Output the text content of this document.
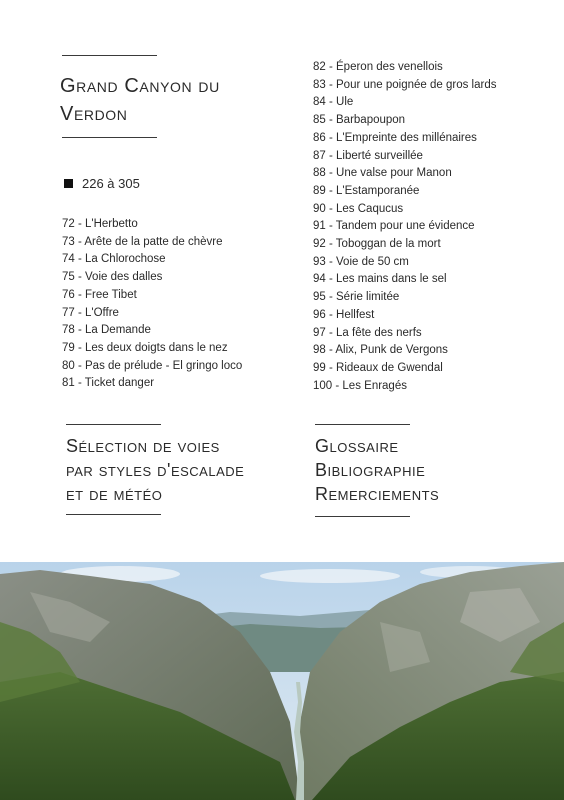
Grand Canyon du
Verdon
226 à 305
72 - L'Herbetto
73 - Arête de la patte de chèvre
74 - La Chlorochose
75 - Voie des dalles
76 - Free Tibet
77 - L'Offre
78 - La Demande
79 - Les deux doigts dans le nez
80 - Pas de prélude - El gringo loco
81 - Ticket danger
82 - Éperon des venellois
83 - Pour une poignée de gros lards
84 - Ule
85 - Barbapoupon
86 - L'Empreinte des millénaires
87 - Liberté surveillée
88 - Une valse pour Manon
89 - L'Estamporanée
90 - Les Caqucus
91 - Tandem pour une évidence
92 - Toboggan de la mort
93 - Voie de 50 cm
94 - Les mains dans le sel
95 - Série limitée
96 - Hellfest
97 - La fête des nerfs
98 - Alix, Punk de Vergons
99 - Rideaux de Gwendal
100 - Les Enragés
Sélection de voies
par styles d'escalade
et de météo
Glossaire
Bibliographie
Remerciements
